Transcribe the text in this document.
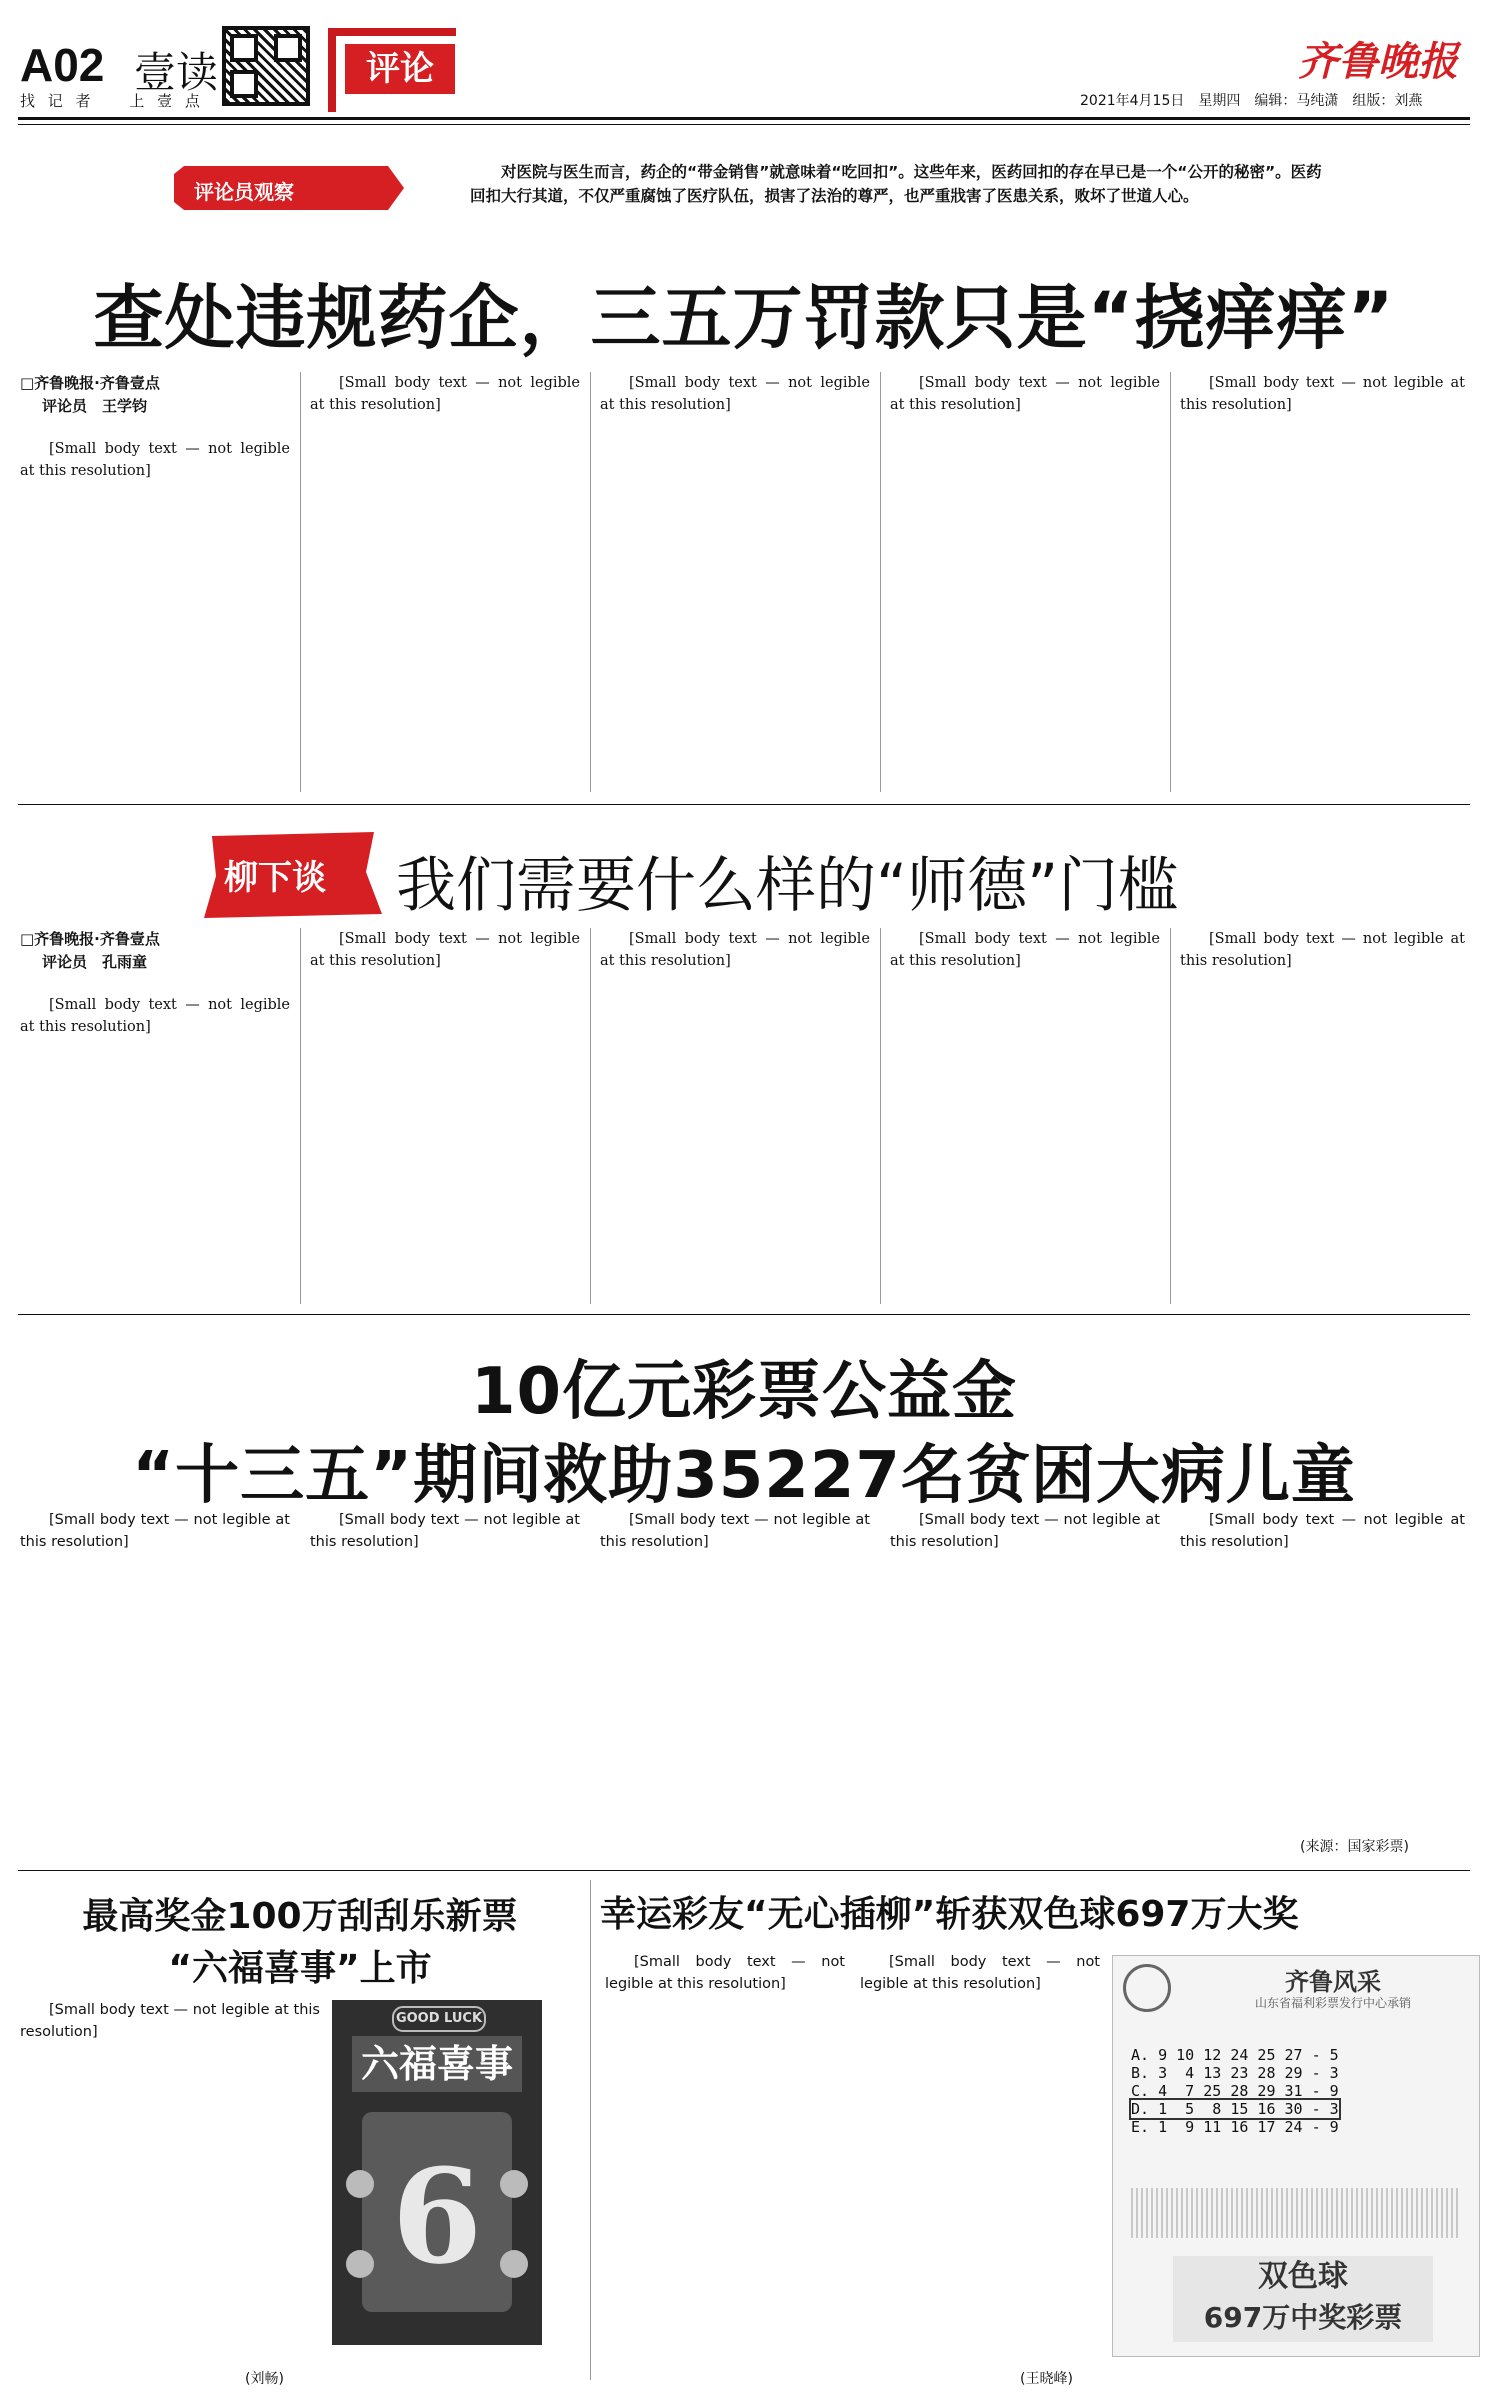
A02 壹读
找 记 者 上 壹 点
评论	齐鲁晚报
2021年4月15日　星期四　编辑：马纯潇　组版：刘燕
评论员观察
对医院与医生而言，药企的“带金销售”就意味着“吃回扣”。这些年来，医药回扣的存在早已是一个“公开的秘密”。医药回扣大行其道，不仅严重腐蚀了医疗队伍，损害了法治的尊严，也严重戕害了医患关系，败坏了世道人心。
查处违规药企，三五万罚款只是“挠痒痒”
□齐鲁晚报·齐鲁壹点
评论员　王学钧

[Small body text — not legible at this resolution]

[Small body text — not legible at this resolution]

[Small body text — not legible at this resolution]

[Small body text — not legible at this resolution]

[Small body text — not legible at this resolution]

柳下谈 我们需要什么样的“师德”门槛
□齐鲁晚报·齐鲁壹点
评论员　孔雨童

[Small body text — not legible at this resolution]

[Small body text — not legible at this resolution]

[Small body text — not legible at this resolution]

[Small body text — not legible at this resolution]

[Small body text — not legible at this resolution]

10亿元彩票公益金
“十三五”期间救助35227名贫困大病儿童

[Small body text — not legible at this resolution]

[Small body text — not legible at this resolution]

[Small body text — not legible at this resolution]

[Small body text — not legible at this resolution]

[Small body text — not legible at this resolution]

(来源：国家彩票)
最高奖金100万刮刮乐新票
“六福喜事”上市

[Small body text — not legible at this resolution]

(刘畅)
GOOD LUCK
六福喜事
6
幸运彩友“无心插柳”斩获双色球697万大奖

[Small body text — not legible at this resolution]

[Small body text — not legible at this resolution]

(王晓峰)
齐鲁风采
山东省福利彩票发行中心承销
A. 9 10 12 24 25 27 - 5
B. 3  4 13 23 28 29 - 3
C. 4  7 25 28 29 31 - 9
D. 1  5  8 15 16 30 - 3
E. 1  9 11 16 17 24 - 9
双色球
697万中奖彩票
